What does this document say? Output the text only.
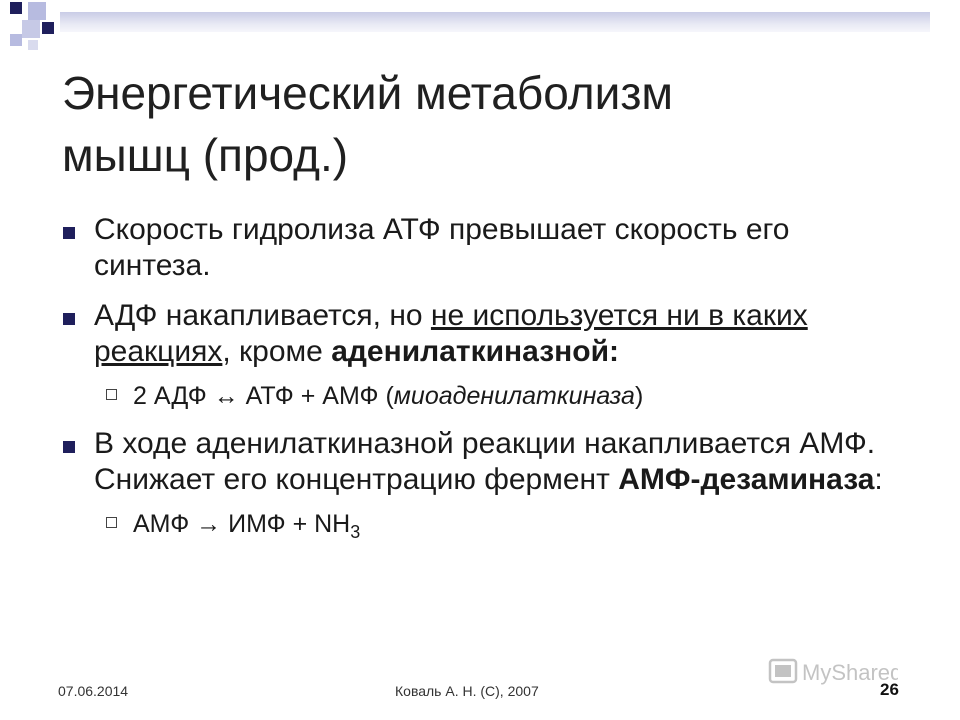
Энергетический метаболизм
мышц (прод.)
Скорость гидролиза АТФ превышает скорость его синтеза.
АДФ накапливается, но не используется ни в каких реакциях, кроме аденилаткиназной:
2 АДФ ↔ АТФ + АМФ (миоаденилаткиназа)
В ходе аденилаткиназной реакции накапливается АМФ. Снижает его концентрацию фермент АМФ-дезаминаза:
АМФ → ИМФ + $NH_3$
MyShared
07.06.2014	Коваль А. Н. (С), 2007	26
